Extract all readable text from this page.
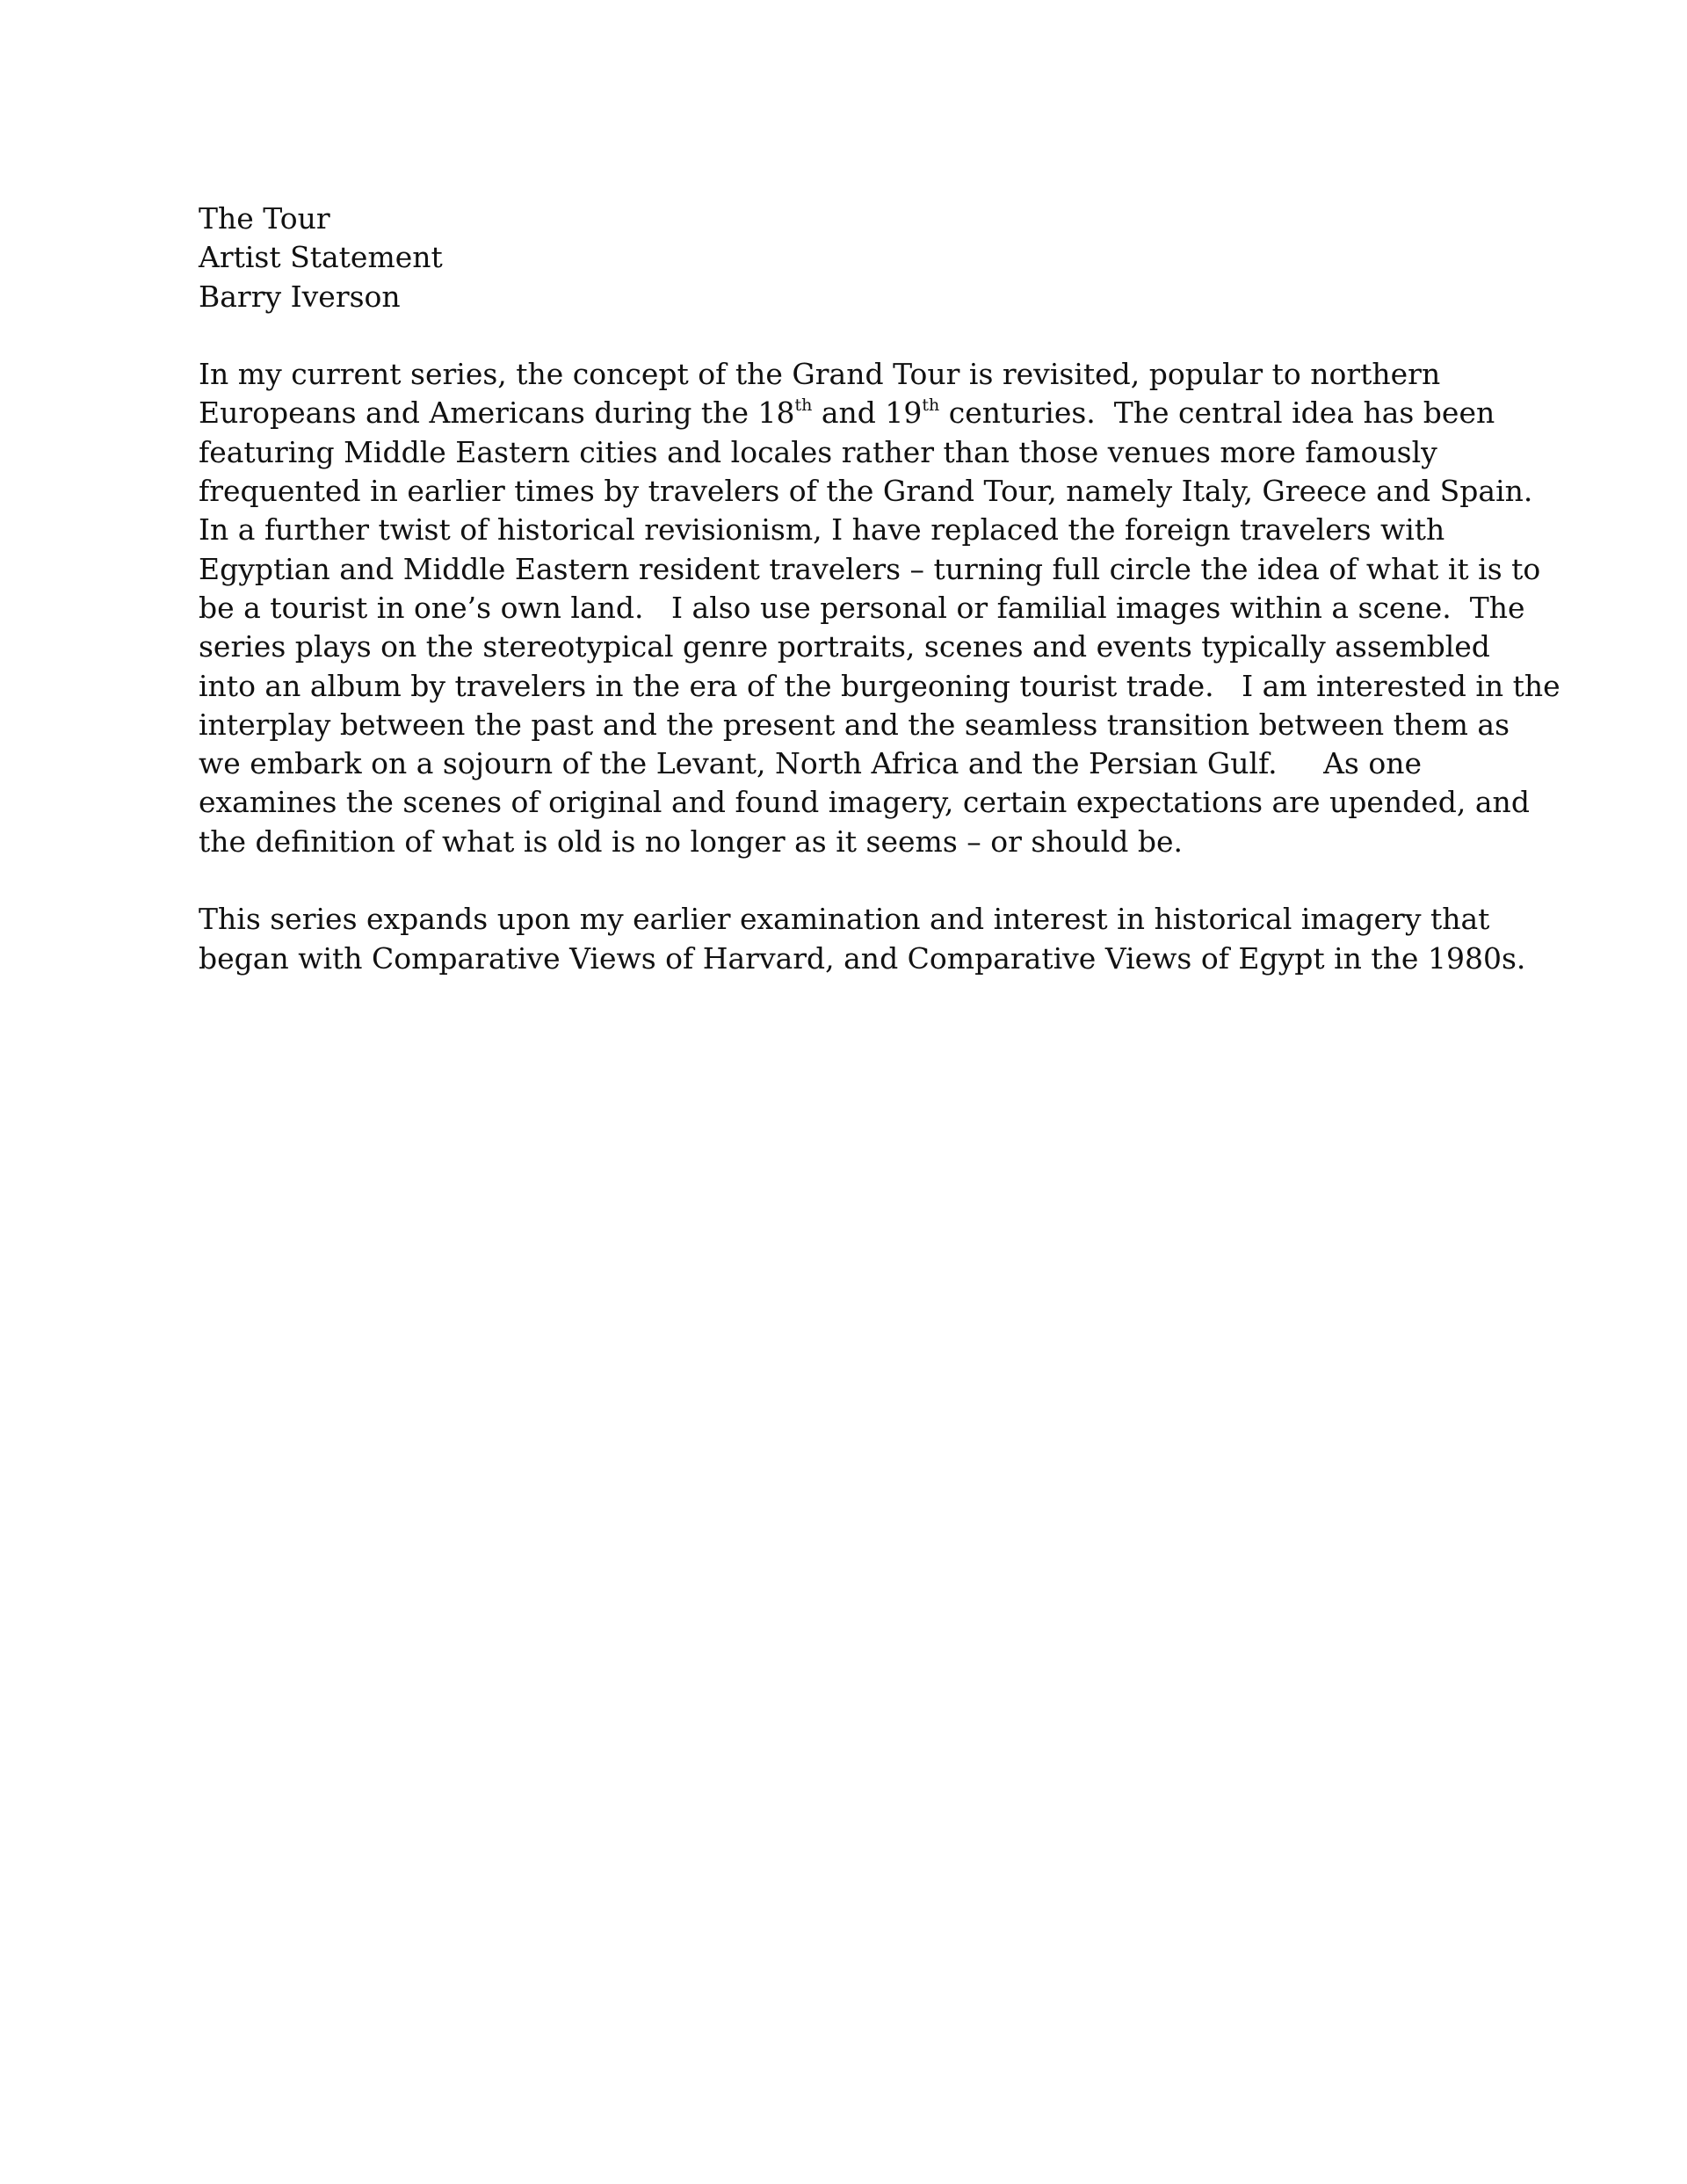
The Tour
Artist Statement
Barry Iverson
In my current series, the concept of the Grand Tour is revisited, popular to northern
Europeans and Americans during the 18th and 19th centuries.  The central idea has been
featuring Middle Eastern cities and locales rather than those venues more famously
frequented in earlier times by travelers of the Grand Tour, namely Italy, Greece and Spain.
In a further twist of historical revisionism, I have replaced the foreign travelers with
Egyptian and Middle Eastern resident travelers – turning full circle the idea of what it is to
be a tourist in one’s own land.   I also use personal or familial images within a scene.  The
series plays on the stereotypical genre portraits, scenes and events typically assembled
into an album by travelers in the era of the burgeoning tourist trade.   I am interested in the
interplay between the past and the present and the seamless transition between them as
we embark on a sojourn of the Levant, North Africa and the Persian Gulf.     As one
examines the scenes of original and found imagery, certain expectations are upended, and
the definition of what is old is no longer as it seems – or should be.
This series expands upon my earlier examination and interest in historical imagery that
began with Comparative Views of Harvard, and Comparative Views of Egypt in the 1980s.
